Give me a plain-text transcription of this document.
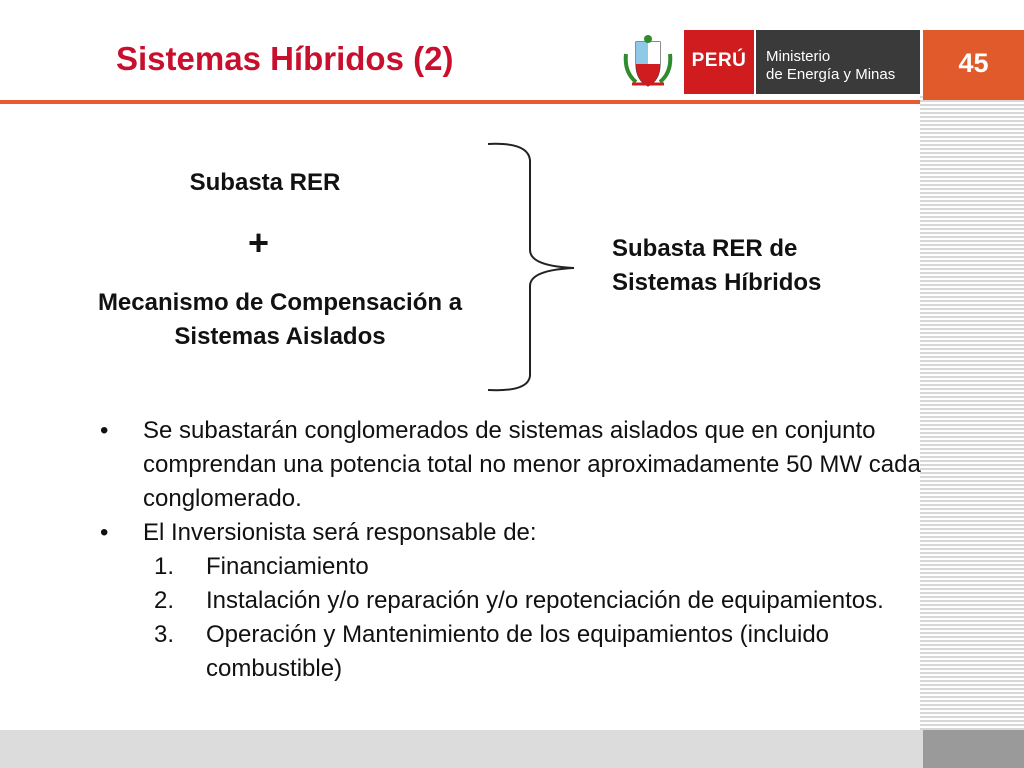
Sistemas Híbridos (2)	PERÚ	Ministerio
de Energía y Minas	45
Subasta RER
+
Mecanismo de Compensación a
Sistemas Aislados
Subasta RER de
Sistemas Híbridos
• Se subastarán conglomerados de sistemas aislados que en conjunto comprendan una potencia total no menor aproximadamente 50 MW cada conglomerado.
• El Inversionista será responsable de:
1. Financiamiento
2. Instalación y/o reparación y/o repotenciación de equipamientos.
3. Operación y Mantenimiento de los equipamientos (incluido combustible)
